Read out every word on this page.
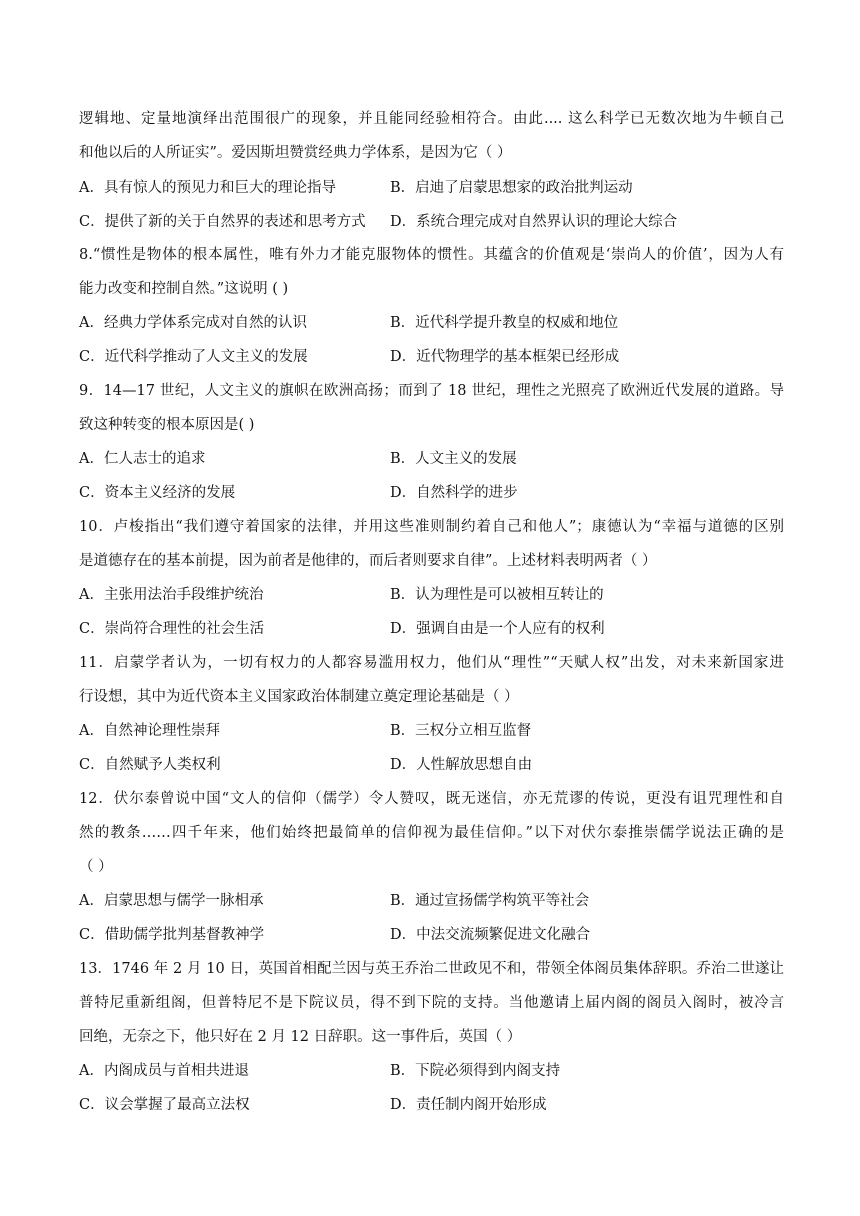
逻辑地、定量地演绎出范围很广的现象，并且能同经验相符合。由此.... 这么科学已无数次地为牛顿自己
和他以后的人所证实”。爱因斯坦赞赏经典力学体系，是因为它（ ）
A．具有惊人的预见力和巨大的理论指导	B．启迪了启蒙思想家的政治批判运动
C．提供了新的关于自然界的表述和思考方式 D．系统合理完成对自然界认识的理论大综合
8.“惯性是物体的根本属性，唯有外力才能克服物体的惯性。其蕴含的价值观是‘崇尚人的价值’，因为人有
能力改变和控制自然。”这说明 ( )
A．经典力学体系完成对自然的认识	B．近代科学提升教皇的权威和地位
C．近代科学推动了人文主义的发展	D．近代物理学的基本框架已经形成
9．14—17 世纪，人文主义的旗帜在欧洲高扬；而到了 18 世纪，理性之光照亮了欧洲近代发展的道路。导
致这种转变的根本原因是( )
A．仁人志士的追求	B．人文主义的发展
C．资本主义经济的发展	D．自然科学的进步
10．卢梭指出“我们遵守着国家的法律，并用这些准则制约着自己和他人”；康德认为“幸福与道德的区别
是道德存在的基本前提，因为前者是他律的，而后者则要求自律”。上述材料表明两者（ ）
A．主张用法治手段维护统治	B．认为理性是可以被相互转让的
C．崇尚符合理性的社会生活	D．强调自由是一个人应有的权利
11．启蒙学者认为，一切有权力的人都容易滥用权力，他们从“理性”“天赋人权”出发，对未来新国家进
行设想，其中为近代资本主义国家政治体制建立奠定理论基础是（ ）
A．自然神论理性崇拜	B．三权分立相互监督
C．自然赋予人类权利	D．人性解放思想自由
12．伏尔泰曾说中国“文人的信仰（儒学）令人赞叹，既无迷信，亦无荒谬的传说，更没有诅咒理性和自
然的教条……四千年来，他们始终把最简单的信仰视为最佳信仰。”以下对伏尔泰推崇儒学说法正确的是
（ ）
A．启蒙思想与儒学一脉相承	B．通过宣扬儒学构筑平等社会
C．借助儒学批判基督教神学	D．中法交流频繁促进文化融合
13．1746 年 2 月 10 日，英国首相配兰因与英王乔治二世政见不和，带领全体阁员集体辞职。乔治二世遂让
普特尼重新组阁，但普特尼不是下院议员，得不到下院的支持。当他邀请上届内阁的阁员入阁时，被冷言
回绝，无奈之下，他只好在 2 月 12 日辞职。这一事件后，英国（ ）
A．内阁成员与首相共进退	B．下院必须得到内阁支持
C．议会掌握了最高立法权	D．责任制内阁开始形成
